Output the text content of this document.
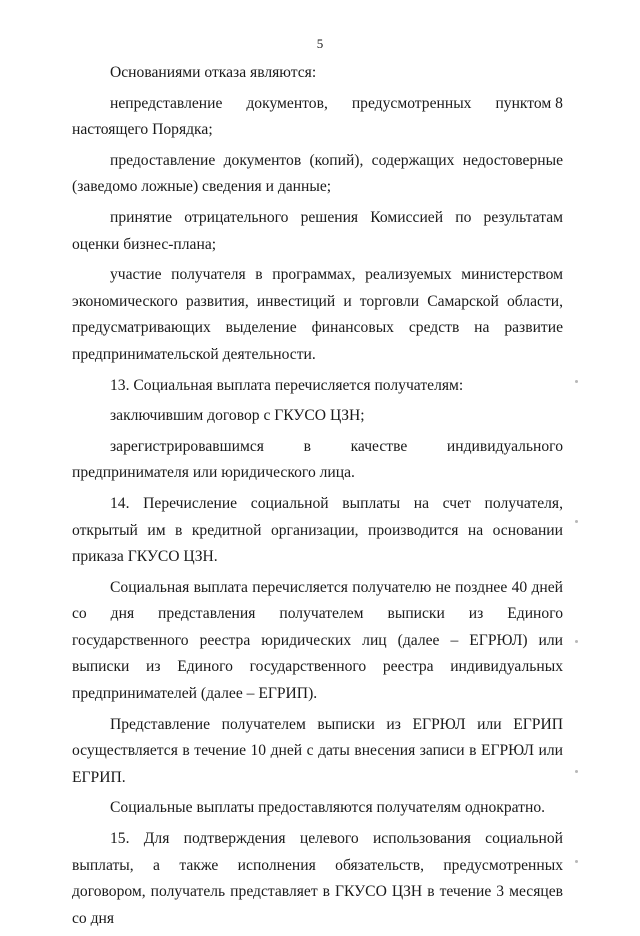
5

Основаниями отказа являются:

непредставление документов, предусмотренных пунктом 8
настоящего Порядка;

предоставление документов (копий), содержащих недостоверные (заведомо ложные) сведения и данные;

принятие отрицательного решения Комиссией по результатам оценки бизнес-плана;

участие получателя в программах, реализуемых министерством экономического развития, инвестиций и торговли Самарской области, предусматривающих выделение финансовых средств на развитие предпринимательской деятельности.

13. Социальная выплата перечисляется получателям:

заключившим договор с ГКУСО ЦЗН;

зарегистрировавшимся	в	качестве	индивидуального
предпринимателя или юридического лица.

14. Перечисление социальной выплаты на счет получателя, открытый им в кредитной организации, производится на основании приказа ГКУСО ЦЗН.

Социальная выплата перечисляется получателю не позднее 40 дней со дня представления получателем выписки из Единого государственного реестра юридических лиц (далее – ЕГРЮЛ) или выписки из Единого государственного реестра индивидуальных предпринимателей (далее – ЕГРИП).

Представление получателем выписки из ЕГРЮЛ или ЕГРИП осуществляется в течение 10 дней с даты внесения записи в ЕГРЮЛ или ЕГРИП.

Социальные выплаты предоставляются получателям однократно.

15. Для подтверждения целевого использования социальной выплаты, а также исполнения обязательств, предусмотренных договором, получатель представляет в ГКУСО ЦЗН в течение 3 месяцев со дня
